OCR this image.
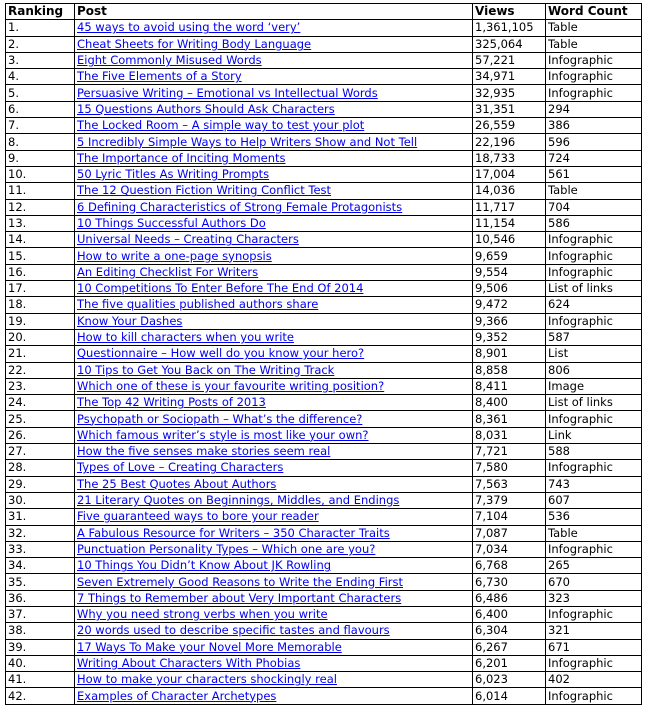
Ranking	Post	Views	Word Count
1.	45 ways to avoid using the word ‘very’	1,361,105	Table
2.	Cheat Sheets for Writing Body Language	325,064	Table
3.	Eight Commonly Misused Words	57,221	Infographic
4.	The Five Elements of a Story	34,971	Infographic
5.	Persuasive Writing – Emotional vs Intellectual Words	32,935	Infographic
6.	15 Questions Authors Should Ask Characters	31,351	294
7.	The Locked Room – A simple way to test your plot	26,559	386
8.	5 Incredibly Simple Ways to Help Writers Show and Not Tell	22,196	596
9.	The Importance of Inciting Moments	18,733	724
10.	50 Lyric Titles As Writing Prompts	17,004	561
11.	The 12 Question Fiction Writing Conflict Test	14,036	Table
12.	6 Defining Characteristics of Strong Female Protagonists	11,717	704
13.	10 Things Successful Authors Do	11,154	586
14.	Universal Needs – Creating Characters	10,546	Infographic
15.	How to write a one-page synopsis	9,659	Infographic
16.	An Editing Checklist For Writers	9,554	Infographic
17.	10 Competitions To Enter Before The End Of 2014	9,506	List of links
18.	The five qualities published authors share	9,472	624
19.	Know Your Dashes	9,366	Infographic
20.	How to kill characters when you write	9,352	587
21.	Questionnaire – How well do you know your hero?	8,901	List
22.	10 Tips to Get You Back on The Writing Track	8,858	806
23.	Which one of these is your favourite writing position?	8,411	Image
24.	The Top 42 Writing Posts of 2013	8,400	List of links
25.	Psychopath or Sociopath – What’s the difference?	8,361	Infographic
26.	Which famous writer’s style is most like your own?	8,031	Link
27.	How the five senses make stories seem real	7,721	588
28.	Types of Love – Creating Characters	7,580	Infographic
29.	The 25 Best Quotes About Authors	7,563	743
30.	21 Literary Quotes on Beginnings, Middles, and Endings	7,379	607
31.	Five guaranteed ways to bore your reader	7,104	536
32.	A Fabulous Resource for Writers – 350 Character Traits	7,087	Table
33.	Punctuation Personality Types – Which one are you?	7,034	Infographic
34.	10 Things You Didn’t Know About JK Rowling	6,768	265
35.	Seven Extremely Good Reasons to Write the Ending First	6,730	670
36.	7 Things to Remember about Very Important Characters	6,486	323
37.	Why you need strong verbs when you write	6,400	Infographic
38.	20 words used to describe specific tastes and flavours	6,304	321
39.	17 Ways To Make your Novel More Memorable	6,267	671
40.	Writing About Characters With Phobias	6,201	Infographic
41.	How to make your characters shockingly real	6,023	402
42.	Examples of Character Archetypes	6,014	Infographic
